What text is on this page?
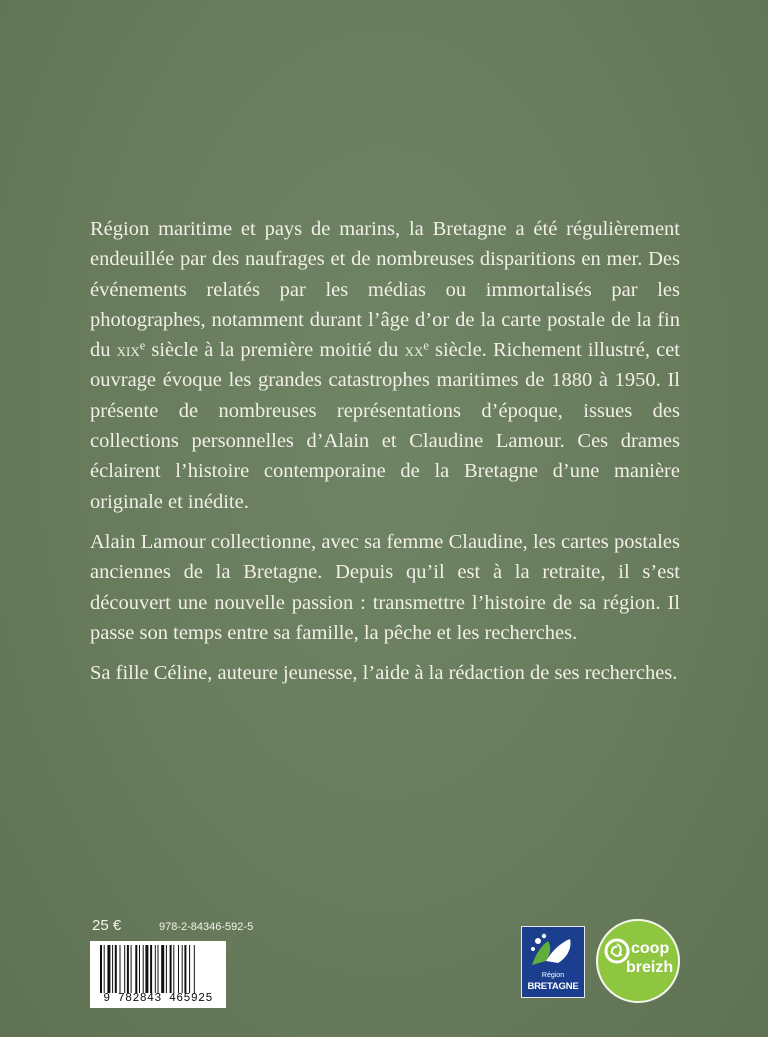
Région maritime et pays de marins, la Bretagne a été régulièrement endeuillée par des naufrages et de nombreuses disparitions en mer. Des événements relatés par les médias ou immortalisés par les photographes, notamment durant l’âge d’or de la carte postale de la fin du xix$^e$ siècle à la première moitié du $xx^e$ siècle. Richement illustré, cet ouvrage évoque les grandes catastrophes maritimes de 1880 à 1950. Il présente de nombreuses représentations d’époque, issues des collections personnelles d’Alain et Claudine Lamour. Ces drames éclairent l’histoire contemporaine de la Bretagne d’une manière originale et inédite.

Alain Lamour collectionne, avec sa femme Claudine, les cartes postales anciennes de la Bretagne. Depuis qu’il est à la retraite, il s’est découvert une nouvelle passion : transmettre l’histoire de sa région. Il passe son temps entre sa famille, la pêche et les recherches.

Sa fille Céline, auteure jeunesse, l’aide à la rédaction de ses recherches.

25 €	978-2-84346-592-5
9 782843 465925
Région
BRETAGNE
coop
breizh
